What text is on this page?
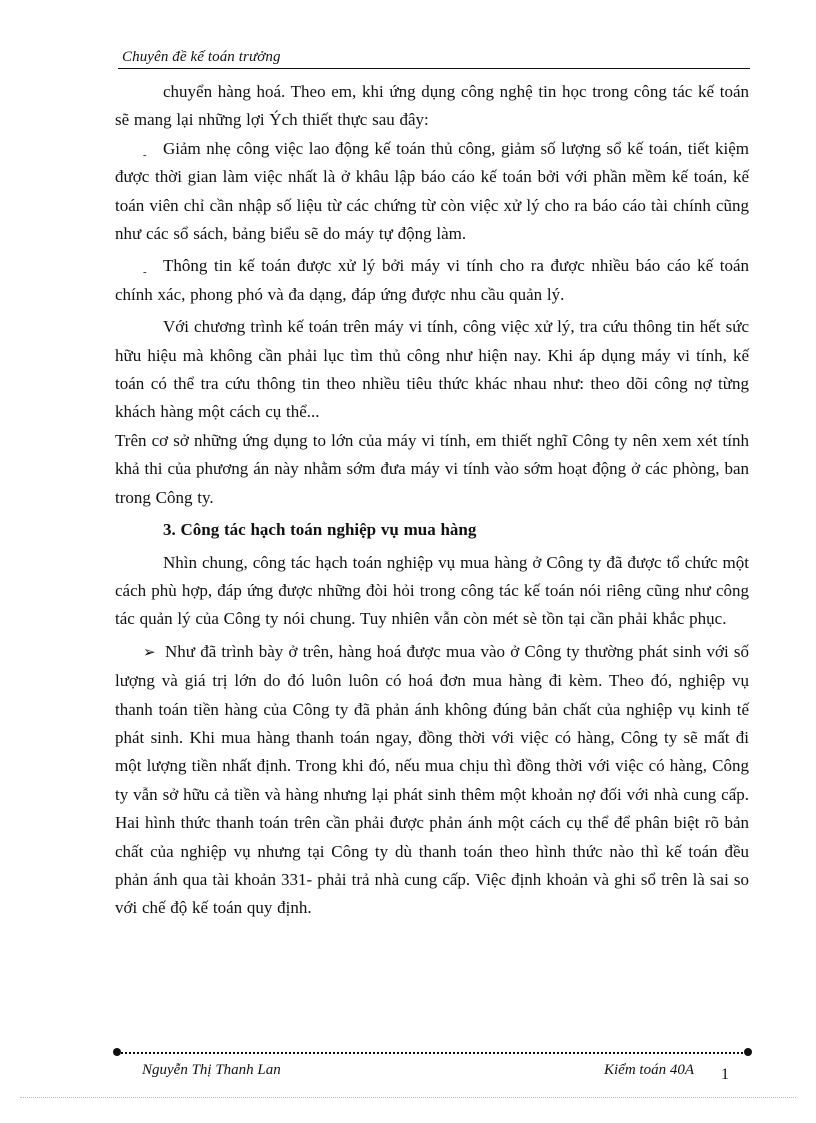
Chuyên đề kế toán trưởng

chuyển hàng hoá. Theo em, khi ứng dụng công nghệ tin học trong công tác kế toán sẽ mang lại những lợi Ých thiết thực sau đây:

- Giảm nhẹ công việc lao động kế toán thủ công, giảm số lượng sổ kế toán, tiết kiệm được thời gian làm việc nhất là ở khâu lập báo cáo kế toán bởi với phần mềm kế toán, kế toán viên chỉ cần nhập số liệu từ các chứng từ còn việc xử lý cho ra báo cáo tài chính cũng như các sổ sách, bảng biểu sẽ do máy tự động làm.

- Thông tin kế toán được xử lý bởi máy vi tính cho ra được nhiều báo cáo kế toán chính xác, phong phó và đa dạng, đáp ứng được nhu cầu quản lý.

Với chương trình kế toán trên máy vi tính, công việc xử lý, tra cứu thông tin hết sức hữu hiệu mà không cần phải lục tìm thủ công như hiện nay. Khi áp dụng máy vi tính, kế toán có thể tra cứu thông tin theo nhiều tiêu thức khác nhau như: theo dõi công nợ từng khách hàng một cách cụ thể...

Trên cơ sở những ứng dụng to lớn của máy vi tính, em thiết nghĩ Công ty nên xem xét tính khả thi của phương án này nhằm sớm đưa máy vi tính vào sớm hoạt động ở các phòng, ban trong Công ty.

3. Công tác hạch toán nghiệp vụ mua hàng

Nhìn chung, công tác hạch toán nghiệp vụ mua hàng ở Công ty đã được tổ chức một cách phù hợp, đáp ứng được những đòi hỏi trong công tác kế toán nói riêng cũng như công tác quản lý của Công ty nói chung. Tuy nhiên vẫn còn mét sè tồn tại cần phải khắc phục.

➢ Như đã trình bày ở trên, hàng hoá được mua vào ở Công ty thường phát sinh với số lượng và giá trị lớn do đó luôn luôn có hoá đơn mua hàng đi kèm. Theo đó, nghiệp vụ thanh toán tiền hàng của Công ty đã phản ánh không đúng bản chất của nghiệp vụ kinh tế phát sinh. Khi mua hàng thanh toán ngay, đồng thời với việc có hàng, Công ty sẽ mất đi một lượng tiền nhất định. Trong khi đó, nếu mua chịu thì đồng thời với việc có hàng, Công ty vẫn sở hữu cả tiền và hàng nhưng lại phát sinh thêm một khoản nợ đối với nhà cung cấp. Hai hình thức thanh toán trên cần phải được phản ánh một cách cụ thể để phân biệt rõ bản chất của nghiệp vụ nhưng tại Công ty dù thanh toán theo hình thức nào thì kế toán đều phản ánh qua tài khoản 331- phải trả nhà cung cấp. Việc định khoản và ghi sổ trên là sai so với chế độ kế toán quy định.

Nguyễn Thị Thanh Lan	Kiểm toán 40A 1
